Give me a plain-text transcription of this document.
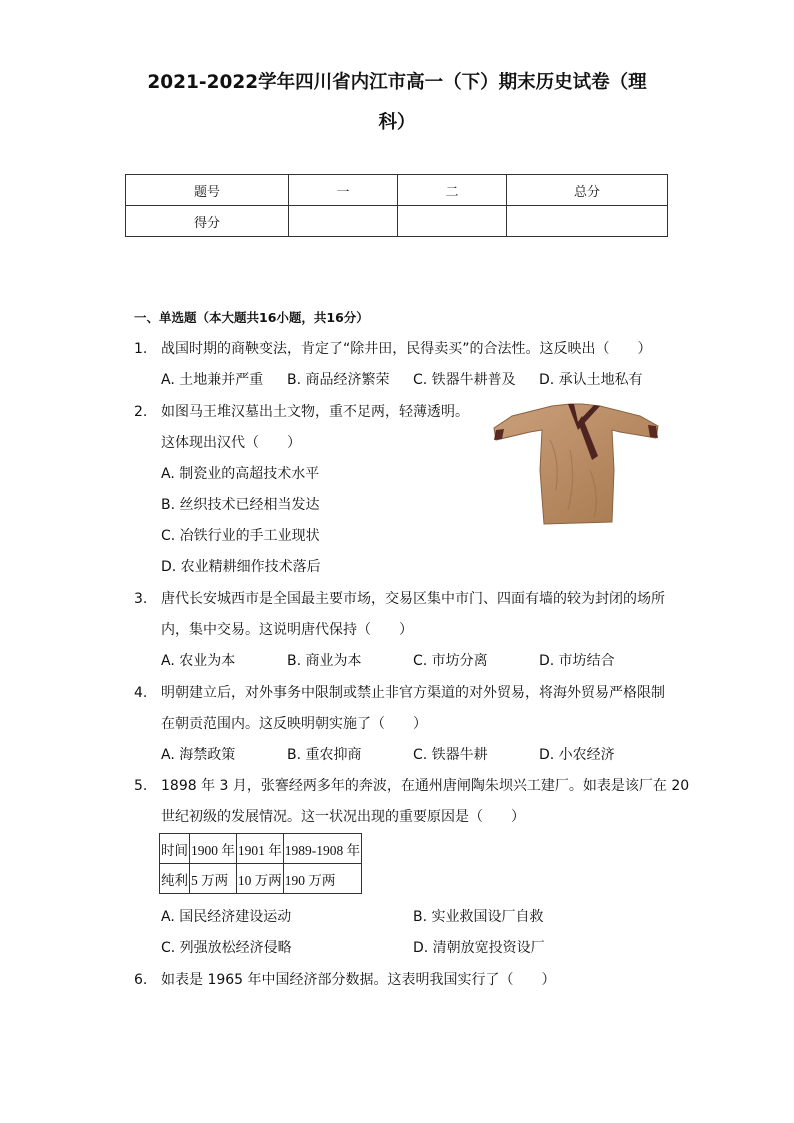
2021-2022学年四川省内江市高一（下）期末历史试卷（理
科）
题号	一	二	总分
得分			
一、单选题（本大题共16小题，共16分）
1. 战国时期的商鞅变法，肯定了“除井田，民得卖买”的合法性。这反映出（　　）
A. 土地兼并严重 B. 商品经济繁荣 C. 铁器牛耕普及 D. 承认土地私有
2. 如图马王堆汉墓出土文物，重不足两，轻薄透明。
这体现出汉代（　　）
A. 制瓷业的高超技术水平
B. 丝织技术已经相当发达
C. 冶铁行业的手工业现状
D. 农业精耕细作技术落后
3. 唐代长安城西市是全国最主要市场，交易区集中市门、四面有墙的较为封闭的场所
内，集中交易。这说明唐代保持（　　）
A. 农业为本	B. 商业为本	C. 市坊分离	D. 市坊结合
4. 明朝建立后，对外事务中限制或禁止非官方渠道的对外贸易，将海外贸易严格限制
在朝贡范围内。这反映明朝实施了（　　）
A. 海禁政策	B. 重农抑商	C. 铁器牛耕	D. 小农经济
5. 1898 年 3 月，张謇经两多年的奔波，在通州唐闸陶朱坝兴工建厂。如表是该厂在 20
世纪初级的发展情况。这一状况出现的重要原因是（　　）
时间	1900 年	1901 年	1989-1908 年
纯利	5 万两	10 万两	190 万两
A. 国民经济建设运动	B. 实业救国设厂自救
C. 列强放松经济侵略	D. 清朝放宽投资设厂
6. 如表是 1965 年中国经济部分数据。这表明我国实行了（　　）
